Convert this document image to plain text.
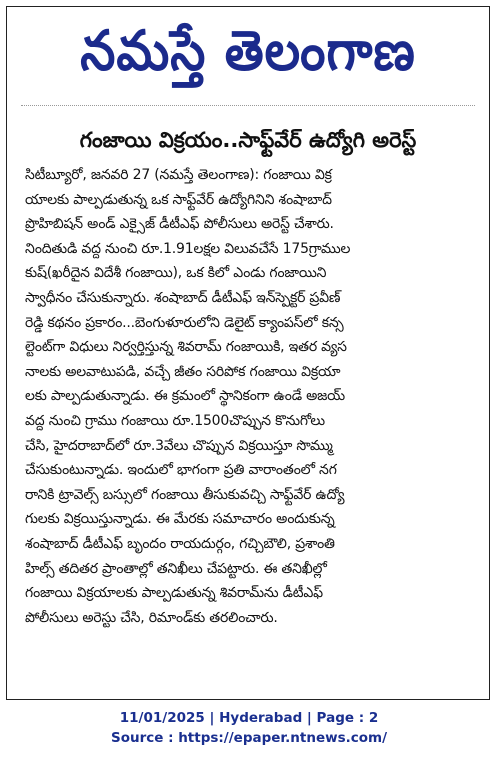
నమస్తే తెలంగాణ
గంజాయి విక్రయం..సాఫ్ట్‌వేర్ ఉద్యోగి అరెస్ట్
సిటీబ్యూరో, జనవరి 27 (నమస్తే తెలంగాణ): గంజాయి విక్ర
యాలకు పాల్పడుతున్న ఒక సాఫ్ట్‌వేర్ ఉద్యోగినిని శంషాబాద్
ప్రొహిబిషన్ అండ్ ఎక్సైజ్ డీటీఎఫ్ పోలీసులు అరెస్ట్ చేశారు.
నిందితుడి వద్ద నుంచి రూ.1.91లక్షల విలువచేసే 175గ్రాముల
కుష్(ఖరీదైన విదేశీ గంజాయి), ఒక కిలో ఎండు గంజాయిని
స్వాధీనం చేసుకున్నారు. శంషాబాద్ డీటీఎఫ్ ఇన్‌స్పెక్టర్ ప్రవీణ్
రెడ్డి కథనం ప్రకారం...బెంగుళూరులోని డెలైట్ క్యాంపస్‌లో కన్స
ల్టెంట్‌గా విధులు నిర్వర్తిస్తున్న శివరామ్ గంజాయికి, ఇతర వ్యస
నాలకు అలవాటుపడి, వచ్చే జీతం సరిపోక గంజాయి విక్రయా
లకు పాల్పడుతున్నాడు. ఈ క్రమంలో స్థానికంగా ఉండే అజయ్
వద్ద నుంచి గ్రాము గంజాయి రూ.1500చొప్పున కొనుగోలు
చేసి, హైదరాబాద్‌లో రూ.3వేలు చొప్పున విక్రయిస్తూ సొమ్ము
చేసుకుంటున్నాడు. ఇందులో భాగంగా ప్రతి వారాంతంలో నగ
రానికి ట్రావెల్స్ బస్సులో గంజాయి తీసుకువచ్చి సాఫ్ట్‌వేర్ ఉద్యో
గులకు విక్రయిస్తున్నాడు. ఈ మేరకు సమాచారం అందుకున్న
శంషాబాద్ డీటీఎఫ్ బృందం రాయదుర్గం, గచ్చిబౌలి, ప్రశాంతి
హిల్స్ తదితర ప్రాంతాల్లో తనిఖీలు చేపట్టారు. ఈ తనిఖీల్లో
గంజాయి విక్రయాలకు పాల్పడుతున్న శివరామ్‌ను డీటీఎఫ్
పోలీసులు అరెస్టు చేసి, రిమాండ్‌కు తరలించారు.
11/01/2025 | Hyderabad | Page : 2
Source : https://epaper.ntnews.com/
